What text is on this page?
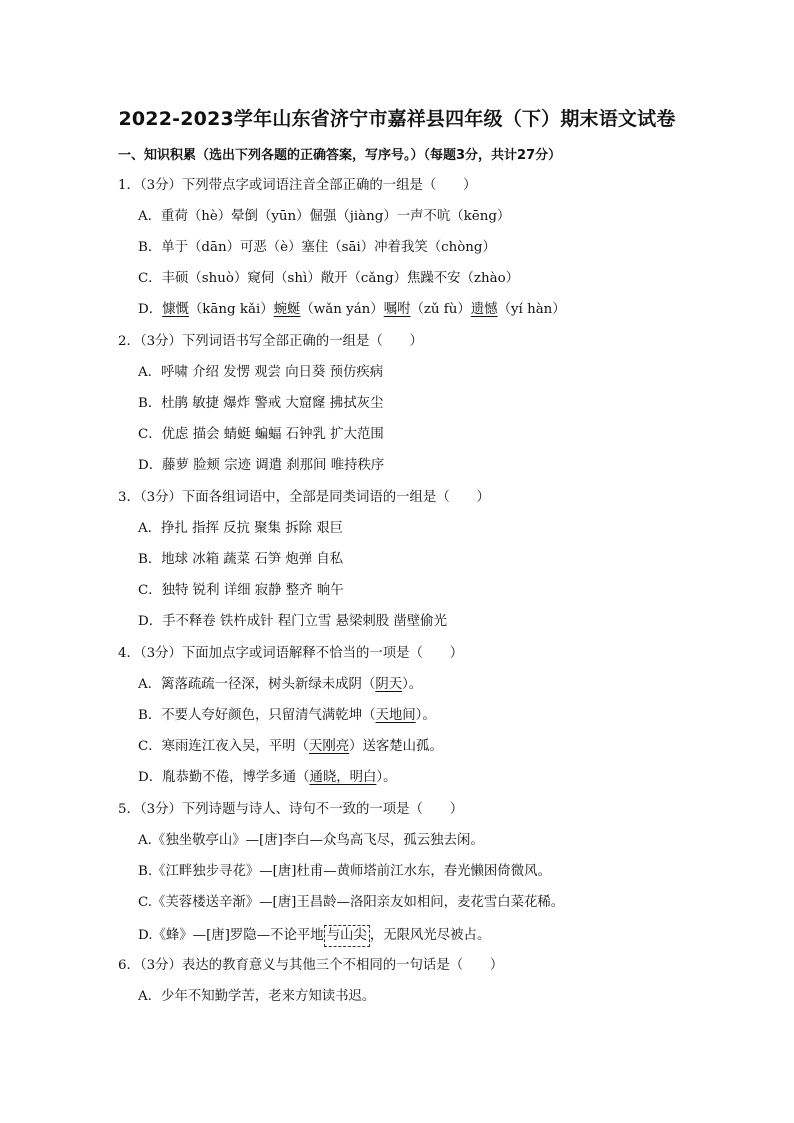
2022-2023学年山东省济宁市嘉祥县四年级（下）期末语文试卷
一、知识积累（选出下列各题的正确答案，写序号。）（每题3分，共计27分）
1．（3分）下列带点字或词语注音全部正确的一组是（　　）
A．重荷（hè）晕倒（yūn）倔强（jiàng）一声不吭（kēng）
B．单于（dān）可恶（è）塞住（sāi）冲着我笑（chòng）
C．丰硕（shuò）窥伺（shì）敞开（cǎng）焦躁不安（zhào）
D．慷慨（kāng kǎi）蜿蜒（wǎn yán）嘱咐（zǔ fù）遗憾（yí hàn）
2．（3分）下列词语书写全部正确的一组是（　　）
A．呼啸 介绍 发愣 观尝 向日葵 预仿疾病
B．杜鹃 敏捷 爆炸 警戒 大窟窿 拂拭灰尘
C．优虑 描会 蜻蜓 蝙蝠 石钟乳 扩大范围
D．藤萝 脸颊 宗迹 调遣 刹那间 唯持秩序
3．（3分）下面各组词语中，全部是同类词语的一组是（　　）
A．挣扎 指挥 反抗 聚集 拆除 艰巨
B．地球 冰箱 蔬菜 石笋 炮弹 自私
C．独特 锐利 详细 寂静 整齐 晌午
D．手不释卷 铁杵成针 程门立雪 悬梁刺股 凿壁偷光
4．（3分）下面加点字或词语解释不恰当的一项是（　　）
A．篱落疏疏一径深，树头新绿未成阴（阴天）。
B．不要人夸好颜色，只留清气满乾坤（天地间）。
C．寒雨连江夜入吴，平明（天刚亮）送客楚山孤。
D．胤恭勤不倦，博学多通（通晓，明白）。
5．（3分）下列诗题与诗人、诗句不一致的一项是（　　）
A.《独坐敬亭山》—[唐]李白—众鸟高飞尽，孤云独去闲。
B.《江畔独步寻花》—[唐]杜甫—黄师塔前江水东，春光懒困倚微风。
C.《芙蓉楼送辛渐》—[唐]王昌龄—洛阳亲友如相问，麦花雪白菜花稀。
D.《蜂》—[唐]罗隐—不论平地 与山尖 ，无限风光尽被占。
6．（3分）表达的教育意义与其他三个不相同的一句话是（　　）
A．少年不知勤学苦，老来方知读书迟。
